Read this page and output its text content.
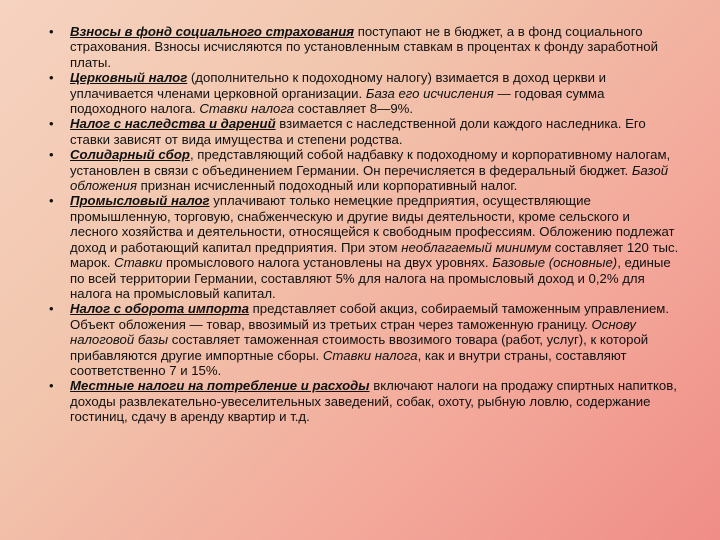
• Взносы в фонд социального страхования поступают не в бюджет, а в фонд социального страхования. Взносы исчисляются по установленным ставкам в процентах к фонду заработной платы.
• Церковный налог (дополнительно к подоходному налогу) взимается в доход церкви и уплачивается членами церковной организации. База его исчисления — годовая сумма подоходного налога. Ставки налога составляет 8—9%.
• Налог с наследства и дарений взимается с наследственной доли каждого наследника. Его ставки зависят от вида имущества и степени родства.
• Солидарный сбор, представляющий собой надбавку к подоходному и корпоративному налогам, установлен в связи с объединением Германии. Он перечисляется в федеральный бюджет. Базой обложения признан исчисленный подоходный или корпоративный налог.
• Промысловый налог уплачивают только немецкие предприятия, осуществляющие промышленную, торговую, снабженческую и другие виды деятельности, кроме сельского и лесного хозяйства и деятельности, относящейся к свободным профессиям. Обложению подлежат доход и работающий капитал предприятия. При этом необлагаемый минимум составляет 120 тыс. марок. Ставки промыслового налога установлены на двух уровнях. Базовые (основные), единые по всей территории Германии, составляют 5% для налога на промысловый доход и 0,2% для налога на промысловый капитал.
• Налог с оборота импорта представляет собой акциз, собираемый таможенным управлением. Объект обложения — товар, ввозимый из третьих стран через таможенную границу. Основу налоговой базы составляет таможенная стоимость ввозимого товара (работ, услуг), к которой прибавляются другие импортные сборы. Ставки налога, как и внутри страны, составляют соответственно 7 и 15%.
• Местные налоги на потребление и расходы включают налоги на продажу спиртных напитков, доходы развлекательно-увеселительных заведений, собак, охоту, рыбную ловлю, содержание гостиниц, сдачу в аренду квартир и т.д.
